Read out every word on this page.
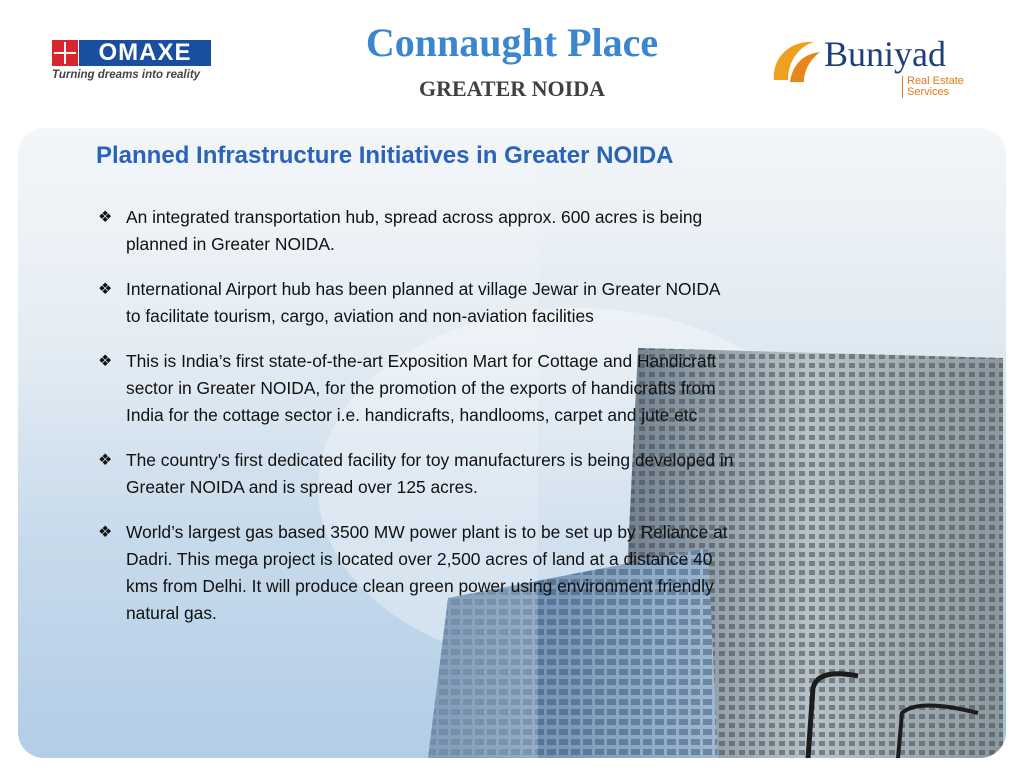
OMAXE
Turning dreams into reality
Connaught Place
GREATER NOIDA
Buniyad
Real Estate
Services
Planned Infrastructure Initiatives in Greater NOIDA
❖ An integrated transportation hub, spread across approx. 600 acres is being planned in Greater NOIDA.
❖ International Airport hub has been planned at village Jewar in Greater NOIDA to facilitate tourism, cargo, aviation and non-aviation facilities
❖ This is India’s first state-of-the-art Exposition Mart for Cottage and Handicraft sector in Greater NOIDA, for the promotion of the exports of handicrafts from India for the cottage sector i.e. handicrafts, handlooms, carpet and jute etc
❖ The country's first dedicated facility for toy manufacturers is being developed in Greater NOIDA and is spread over 125 acres.
❖ World’s largest gas based 3500 MW power plant is to be set up by Reliance at Dadri. This mega project is located over 2,500 acres of land at a distance 40 kms from Delhi. It will produce clean green power using environment friendly natural gas.
